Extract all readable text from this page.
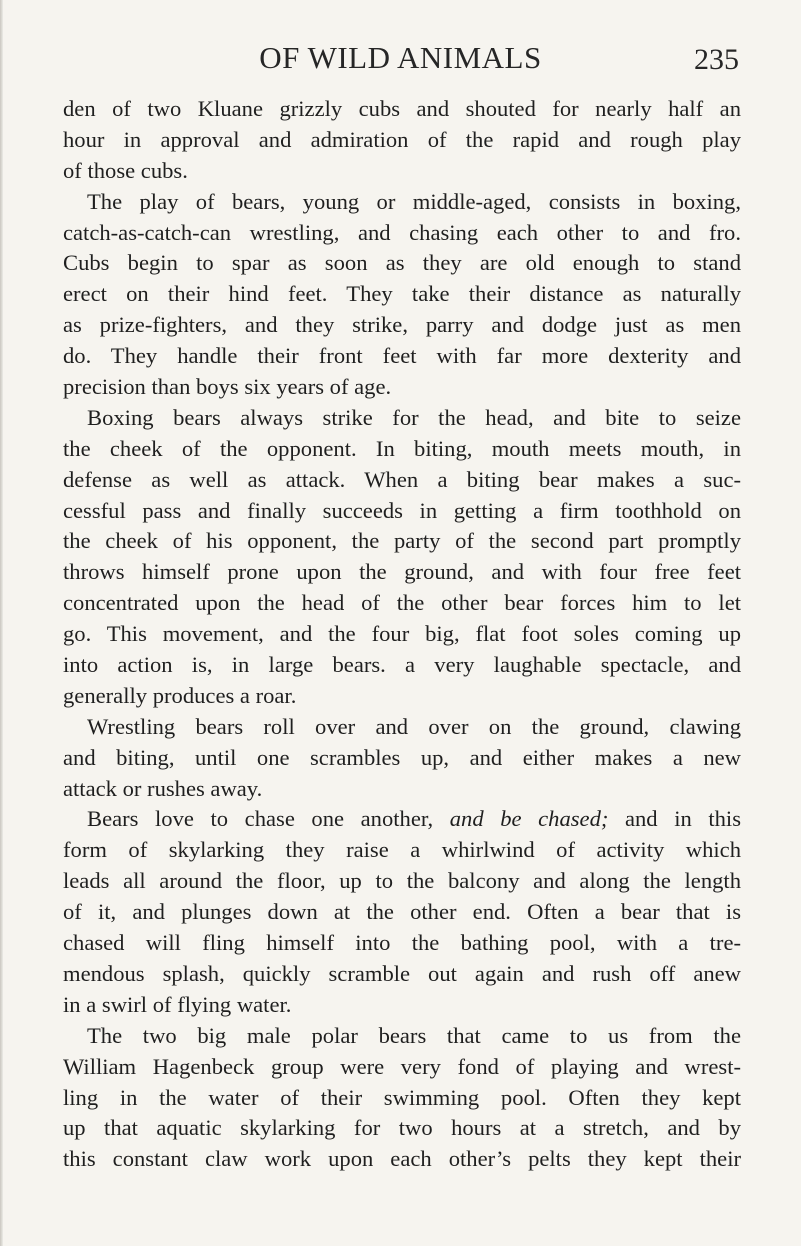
OF WILD ANIMALS	235
den of two Kluane grizzly cubs and shouted for nearly half an
hour in approval and admiration of the rapid and rough play
of those cubs.
The play of bears, young or middle-aged, consists in boxing,
catch-as-catch-can wrestling, and chasing each other to and fro.
Cubs begin to spar as soon as they are old enough to stand
erect on their hind feet. They take their distance as naturally
as prize-fighters, and they strike, parry and dodge just as men
do. They handle their front feet with far more dexterity and
precision than boys six years of age.
Boxing bears always strike for the head, and bite to seize
the cheek of the opponent. In biting, mouth meets mouth, in
defense as well as attack. When a biting bear makes a suc-
cessful pass and finally succeeds in getting a firm toothhold on
the cheek of his opponent, the party of the second part promptly
throws himself prone upon the ground, and with four free feet
concentrated upon the head of the other bear forces him to let
go. This movement, and the four big, flat foot soles coming up
into action is, in large bears. a very laughable spectacle, and
generally produces a roar.
Wrestling bears roll over and over on the ground, clawing
and biting, until one scrambles up, and either makes a new
attack or rushes away.
Bears love to chase one another, and be chased; and in this
form of skylarking they raise a whirlwind of activity which
leads all around the floor, up to the balcony and along the length
of it, and plunges down at the other end. Often a bear that is
chased will fling himself into the bathing pool, with a tre-
mendous splash, quickly scramble out again and rush off anew
in a swirl of flying water.
The two big male polar bears that came to us from the
William Hagenbeck group were very fond of playing and wrest-
ling in the water of their swimming pool. Often they kept
up that aquatic skylarking for two hours at a stretch, and by
this constant claw work upon each other’s pelts they kept their
